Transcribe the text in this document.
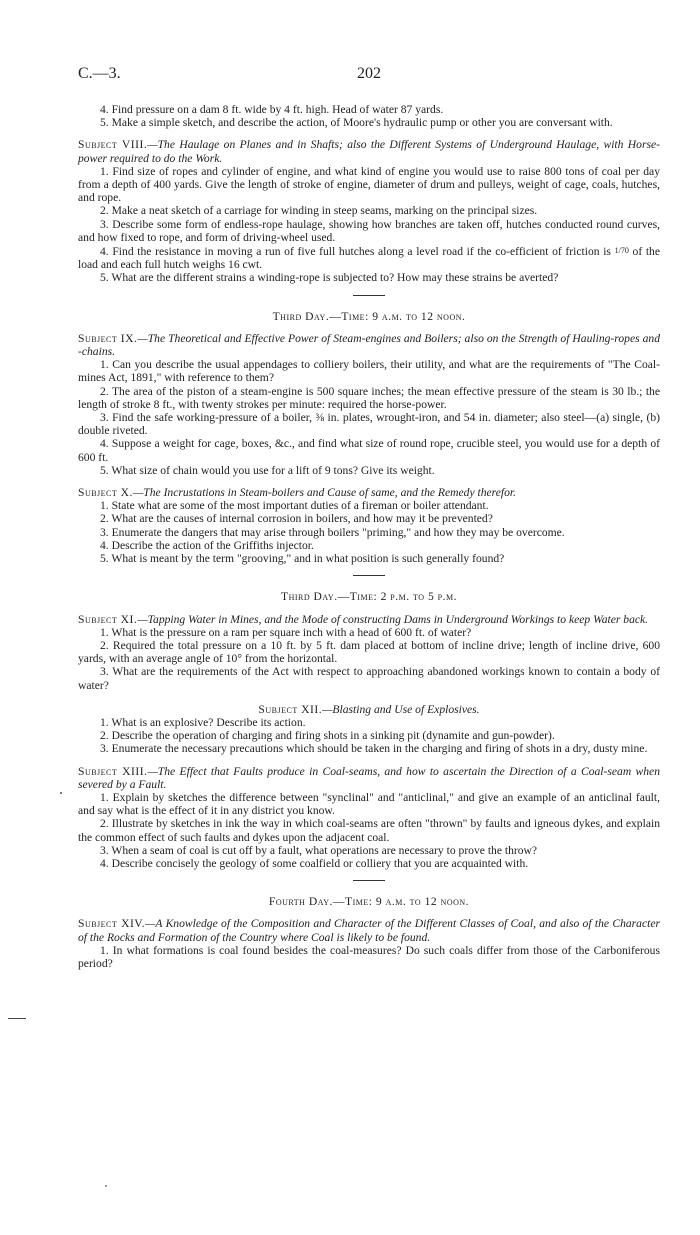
C.—3.	202

4. Find pressure on a dam 8 ft. wide by 4 ft. high. Head of water 87 yards.

5. Make a simple sketch, and describe the action, of Moore's hydraulic pump or other you are conversant with.

Subject VIII.—The Haulage on Planes and in Shafts; also the Different Systems of Underground Haulage, with Horse-power required to do the Work.

1. Find size of ropes and cylinder of engine, and what kind of engine you would use to raise 800 tons of coal per day from a depth of 400 yards. Give the length of stroke of engine, diameter of drum and pulleys, weight of cage, coals, hutches, and rope.

2. Make a neat sketch of a carriage for winding in steep seams, marking on the principal sizes.

3. Describe some form of endless-rope haulage, showing how branches are taken off, hutches conducted round curves, and how fixed to rope, and form of driving-wheel used.

4. Find the resistance in moving a run of five full hutches along a level road if the co-efficient of friction is 1/70 of the load and each full hutch weighs 16 cwt.

5. What are the different strains a winding-rope is subjected to? How may these strains be averted?

Third Day.—Time: 9 a.m. to 12 noon.

Subject IX.—The Theoretical and Effective Power of Steam-engines and Boilers; also on the Strength of Hauling-ropes and -chains.

1. Can you describe the usual appendages to colliery boilers, their utility, and what are the requirements of "The Coal-mines Act, 1891," with reference to them?

2. The area of the piston of a steam-engine is 500 square inches; the mean effective pressure of the steam is 30 lb.; the length of stroke 8 ft., with twenty strokes per minute: required the horse-power.

3. Find the safe working-pressure of a boiler, ⅜ in. plates, wrought-iron, and 54 in. diameter; also steel—(a) single, (b) double riveted.

4. Suppose a weight for cage, boxes, &c., and find what size of round rope, crucible steel, you would use for a depth of 600 ft.

5. What size of chain would you use for a lift of 9 tons? Give its weight.

Subject X.—The Incrustations in Steam-boilers and Cause of same, and the Remedy therefor.

1. State what are some of the most important duties of a fireman or boiler attendant.

2. What are the causes of internal corrosion in boilers, and how may it be prevented?

3. Enumerate the dangers that may arise through boilers "priming," and how they may be overcome.

4. Describe the action of the Griffiths injector.

5. What is meant by the term "grooving," and in what position is such generally found?

Third Day.—Time: 2 p.m. to 5 p.m.

Subject XI.—Tapping Water in Mines, and the Mode of constructing Dams in Underground Workings to keep Water back.

1. What is the pressure on a ram per square inch with a head of 600 ft. of water?

2. Required the total pressure on a 10 ft. by 5 ft. dam placed at bottom of incline drive; length of incline drive, 600 yards, with an average angle of 10° from the horizontal.

3. What are the requirements of the Act with respect to approaching abandoned workings known to contain a body of water?

Subject XII.—Blasting and Use of Explosives.

1. What is an explosive? Describe its action.

2. Describe the operation of charging and firing shots in a sinking pit (dynamite and gun-powder).

3. Enumerate the necessary precautions which should be taken in the charging and firing of shots in a dry, dusty mine.

Subject XIII.—The Effect that Faults produce in Coal-seams, and how to ascertain the Direction of a Coal-seam when severed by a Fault.

1. Explain by sketches the difference between "synclinal" and "anticlinal," and give an example of an anticlinal fault, and say what is the effect of it in any district you know.

2. Illustrate by sketches in ink the way in which coal-seams are often "thrown" by faults and igneous dykes, and explain the common effect of such faults and dykes upon the adjacent coal.

3. When a seam of coal is cut off by a fault, what operations are necessary to prove the throw?

4. Describe concisely the geology of some coalfield or colliery that you are acquainted with.

Fourth Day.—Time: 9 a.m. to 12 noon.

Subject XIV.—A Knowledge of the Composition and Character of the Different Classes of Coal, and also of the Character of the Rocks and Formation of the Country where Coal is likely to be found.

1. In what formations is coal found besides the coal-measures? Do such coals differ from those of the Carboniferous period?
